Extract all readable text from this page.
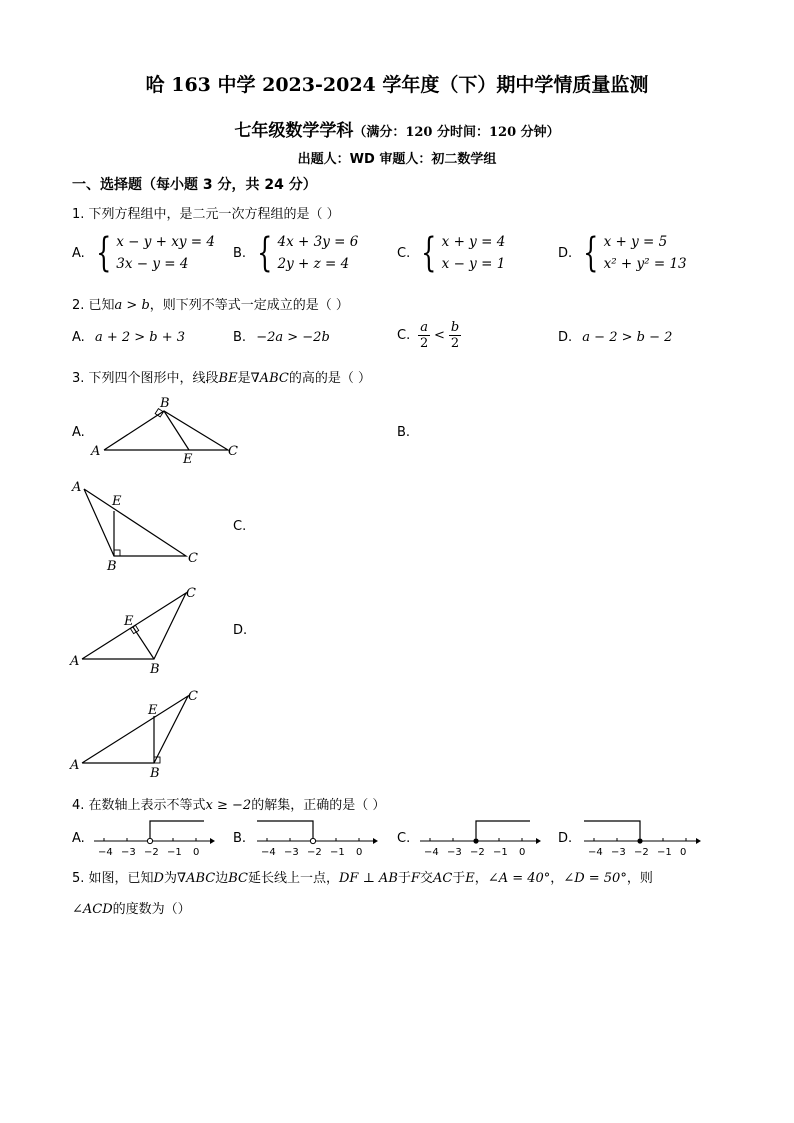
哈 163 中学 2023-2024 学年度（下）期中学情质量监测
七年级数学学科（满分：120 分时间：120 分钟）
出题人：WD 审题人：初二数学组
一、选择题（每小题 3 分，共 24 分）
1. 下列方程组中，是二元一次方程组的是（ ）
A. { x − y + xy = 4
3x − y = 4
B. { 4x + 3y = 6
2y + z = 4
C. { x + y = 4
x − y = 1
D. { x + y = 5
x² + y² = 13
2. 已知a > b，则下列不等式一定成立的是（ ）
A. a + 2 > b + 3	B. −2a > −2b	C. $\frac{a}{2} < \frac{b}{2}$	D. a − 2 > b − 2
3. 下列四个图形中，线段BE是∇ABC的高的是（ ）
A.	B.
C.
D.
B
A	C
E
A
E
B
C
A
C
E
B
A
C
E
B
4. 在数轴上表示不等式x ≥ −2的解集，正确的是（ ）
A.	B.	C.	D.
−4 −3 −2 −1 0	−4 −3 −2 −1 0	−4 −3 −2 −1 0	−4 −3 −2 −1 0
5. 如图，已知D为∇ABC边BC延长线上一点，DF ⊥ AB于F交AC于E，∠A = 40°，∠D = 50°，则
∠ACD的度数为（）
